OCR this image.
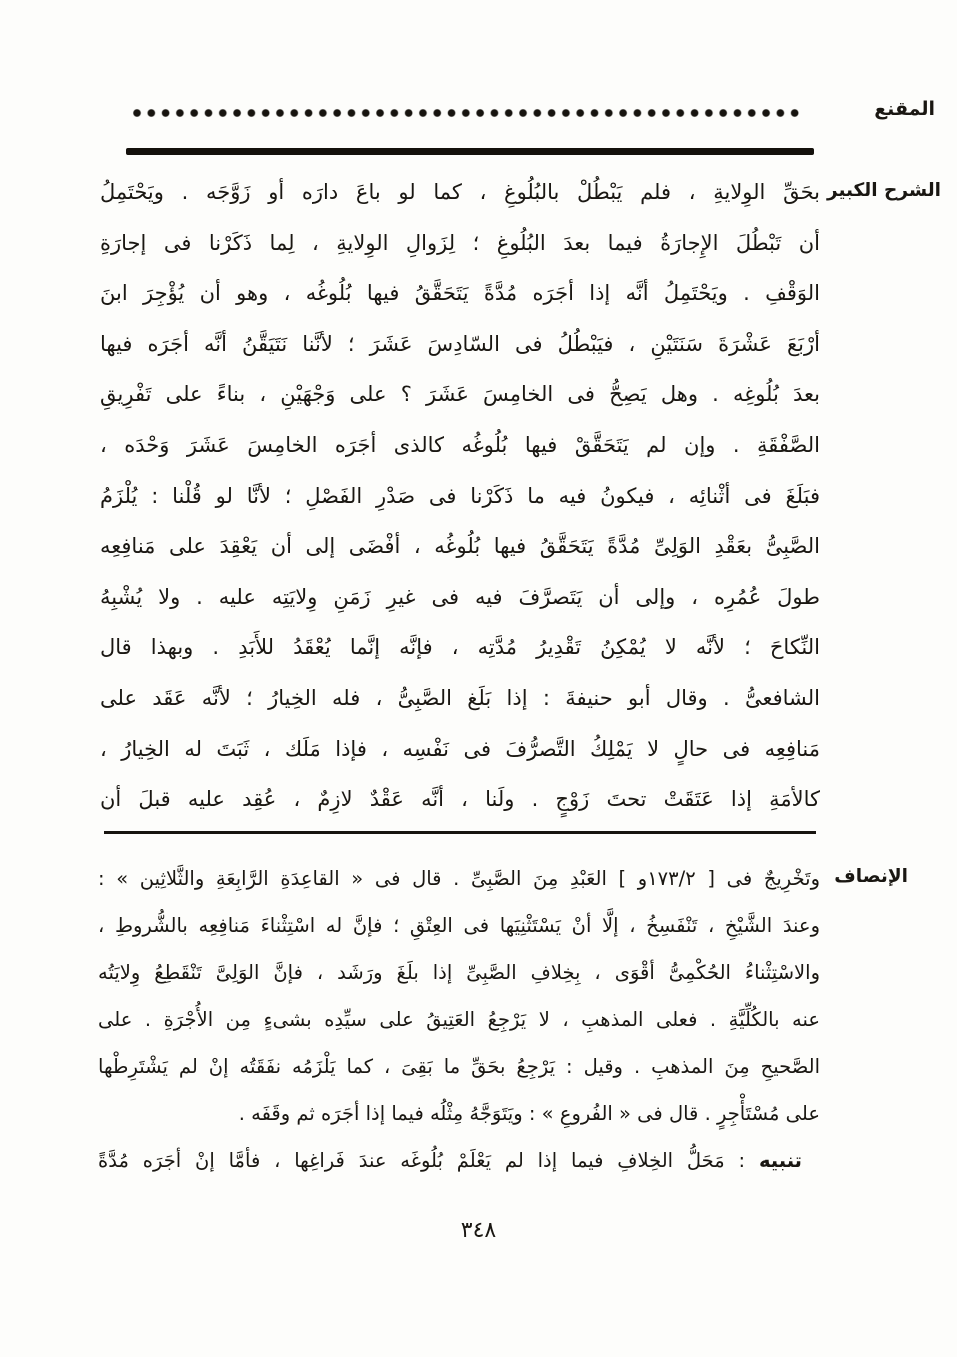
المقنع
الشرح الكبير
بحَقِّ الوِلايةِ ، فلم يَبْطُلْ بالبُلُوغِ ، كما لو باعَ دارَه أو زَوَّجَه . ويَحْتَمِلُ
أن تَبْطُلَ الإِجارَةُ فيما بعدَ البُلُوغِ ؛ لِزَوالِ الوِلايةِ ، لِما ذَكَرْنا فى إجارَةِ
الوَقْفِ . ويَحْتَمِلُ أنَّه إذا أجَرَه مُدَّةً يَتَحَقَّقُ فيها بُلُوغُه ، وهو أن يُؤْجِرَ ابنَ
أرْبَعَ عَشْرَةَ سَنَتَيْنِ ، فيَبْطُلُ فى السّادِسَ عَشَرَ ؛ لأنَّنا نَتَيَقَّنُ أنَّه أجَرَه فيها
بعدَ بُلُوغِه . وهل يَصِحُّ فى الخامِسَ عَشَرَ ؟ على وَجْهَيْنِ ، بناءً على تَفْرِيقِ
الصَّفْقَةِ . وإن لم يَتَحَقَّقْ فيها بُلُوغُه كالذى أجَرَه الخامِسَ عَشَرَ وَحْدَه ،
فبَلَغَ فى أثْنائِه ، فيكونُ فيه ما ذَكَرْنا فى صَدْرِ الفَصْلِ ؛ لأنَّا لو قُلْنا : يُلْزَمُ
الصَّبِىُّ بعَقْدِ الوَلِىِّ مُدَّةً يَتَحَقَّقُ فيها بُلُوغُه ، أفْضَى إلى أن يَعْقِدَ على مَنافِعِه
طولَ عُمُرِه ، وإلى أن يَتَصرَّفَ فيه فى غيرِ زَمَنِ وِلايَتِه عليه . ولا يُشْبِهُ
النِّكاحَ ؛ لأنَّه لا يُمْكِنُ تَقْدِيرُ مُدَّتِه ، فإنَّه إنَّما يُعْقَدُ للأَبَدِ . وبهذا قال
الشافعىُّ . وقال أبو حنيفةَ : إذا بَلَغ الصَّبِىُّ ، فله الخِيارُ ؛ لأنَّه عَقَد على
مَنافِعِه فى حالٍ لا يَمْلِكُ التَّصرُّفَ فى نَفْسِه ، فإذا مَلَك ، ثَبَتَ له الخِيارُ ،
كالأمَةِ إذا عَتَقَتْ تحتَ زَوْجٍ . ولَنا ، أنَّه عَقْدٌ لازِمٌ ، عُقِد عليه قبلَ أن
الإنصاف
وتَخْرِيجٌ فى [ ١٧٣/٢و ] العَبْدِ مِنَ الصَّبِىِّ . قال فى « القاعِدَةِ الرَّابِعَةِ والثَّلاثِين » :
وعندَ الشَّيْخِ ، تَنْفَسِخُ ، إلَّا أنْ يَسْتَثْنِيَها فى العِتْقِ ؛ فإنَّ له اسْتِثْناءَ مَنافِعِه بالشُّروطِ ،
والاسْتِثْناءُ الحُكْمِىُّ أقْوَى ، بِخِلافِ الصَّبِىِّ إذا بلَغَ ورَشَد ، فإنَّ الوَلِىَّ تَنْقَطِعُ وِلايَتُه
عنه بالكُلِّيَّةِ . فعلى المذهبِ ، لا يَرْجِعُ العَتِيقُ على سيِّدِه بشىءٍ مِن الأُجْرَةِ . على
الصَّحيحِ مِنَ المذهبِ . وقيل : يَرْجِعُ بحَقِّ ما بَقِىَ ، كما يَلْزَمُه نفَقَتُه إنْ لم يَشْتَرِطْها
على مُسْتَأْجِرٍ . قال فى « الفُروعِ » : ويَتَوَجَّهُ مِثْلُه فيما إذا أجَرَه ثم وقَفَه .
تنبيه : مَحَلُّ الخِلافِ فيما إذا لم يَعْلَمْ بُلُوغَه عندَ فَراغِها ، فأمَّا إنْ أجَرَه مُدَّةً
٣٤٨
